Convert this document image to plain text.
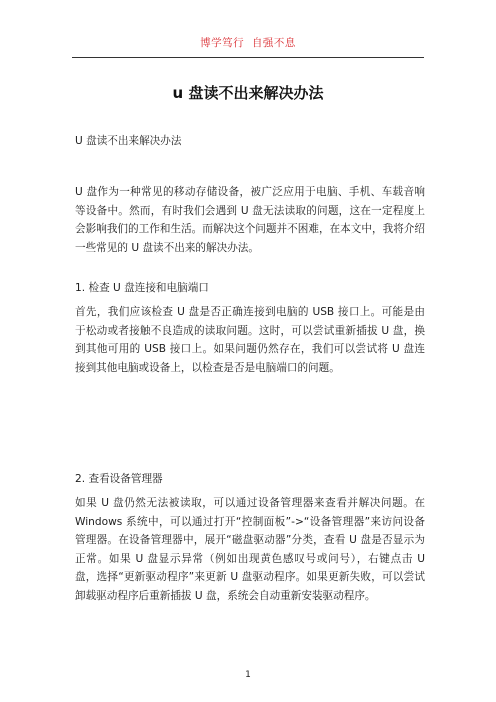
博学笃行 自强不息
u 盘读不出来解决办法
U 盘读不出来解决办法

U 盘作为一种常见的移动存储设备，被广泛应用于电脑、手机、车载音响等设备中。然而，有时我们会遇到 U 盘无法读取的问题，这在一定程度上会影响我们的工作和生活。而解决这个问题并不困难，在本文中，我将介绍一些常见的 U 盘读不出来的解决办法。

1. 检查 U 盘连接和电脑端口

首先，我们应该检查 U 盘是否正确连接到电脑的 USB 接口上。可能是由于松动或者接触不良造成的读取问题。这时，可以尝试重新插拔 U 盘，换到其他可用的 USB 接口上。如果问题仍然存在，我们可以尝试将 U 盘连接到其他电脑或设备上，以检查是否是电脑端口的问题。

2. 查看设备管理器

如果 U 盘仍然无法被读取，可以通过设备管理器来查看并解决问题。在 Windows 系统中，可以通过打开“控制面板”->“设备管理器”来访问设备管理器。在设备管理器中，展开“磁盘驱动器”分类，查看 U 盘是否显示为正常。如果 U 盘显示异常（例如出现黄色感叹号或问号），右键点击 U 盘，选择“更新驱动程序”来更新 U 盘驱动程序。如果更新失败，可以尝试卸载驱动程序后重新插拔 U 盘，系统会自动重新安装驱动程序。

1
